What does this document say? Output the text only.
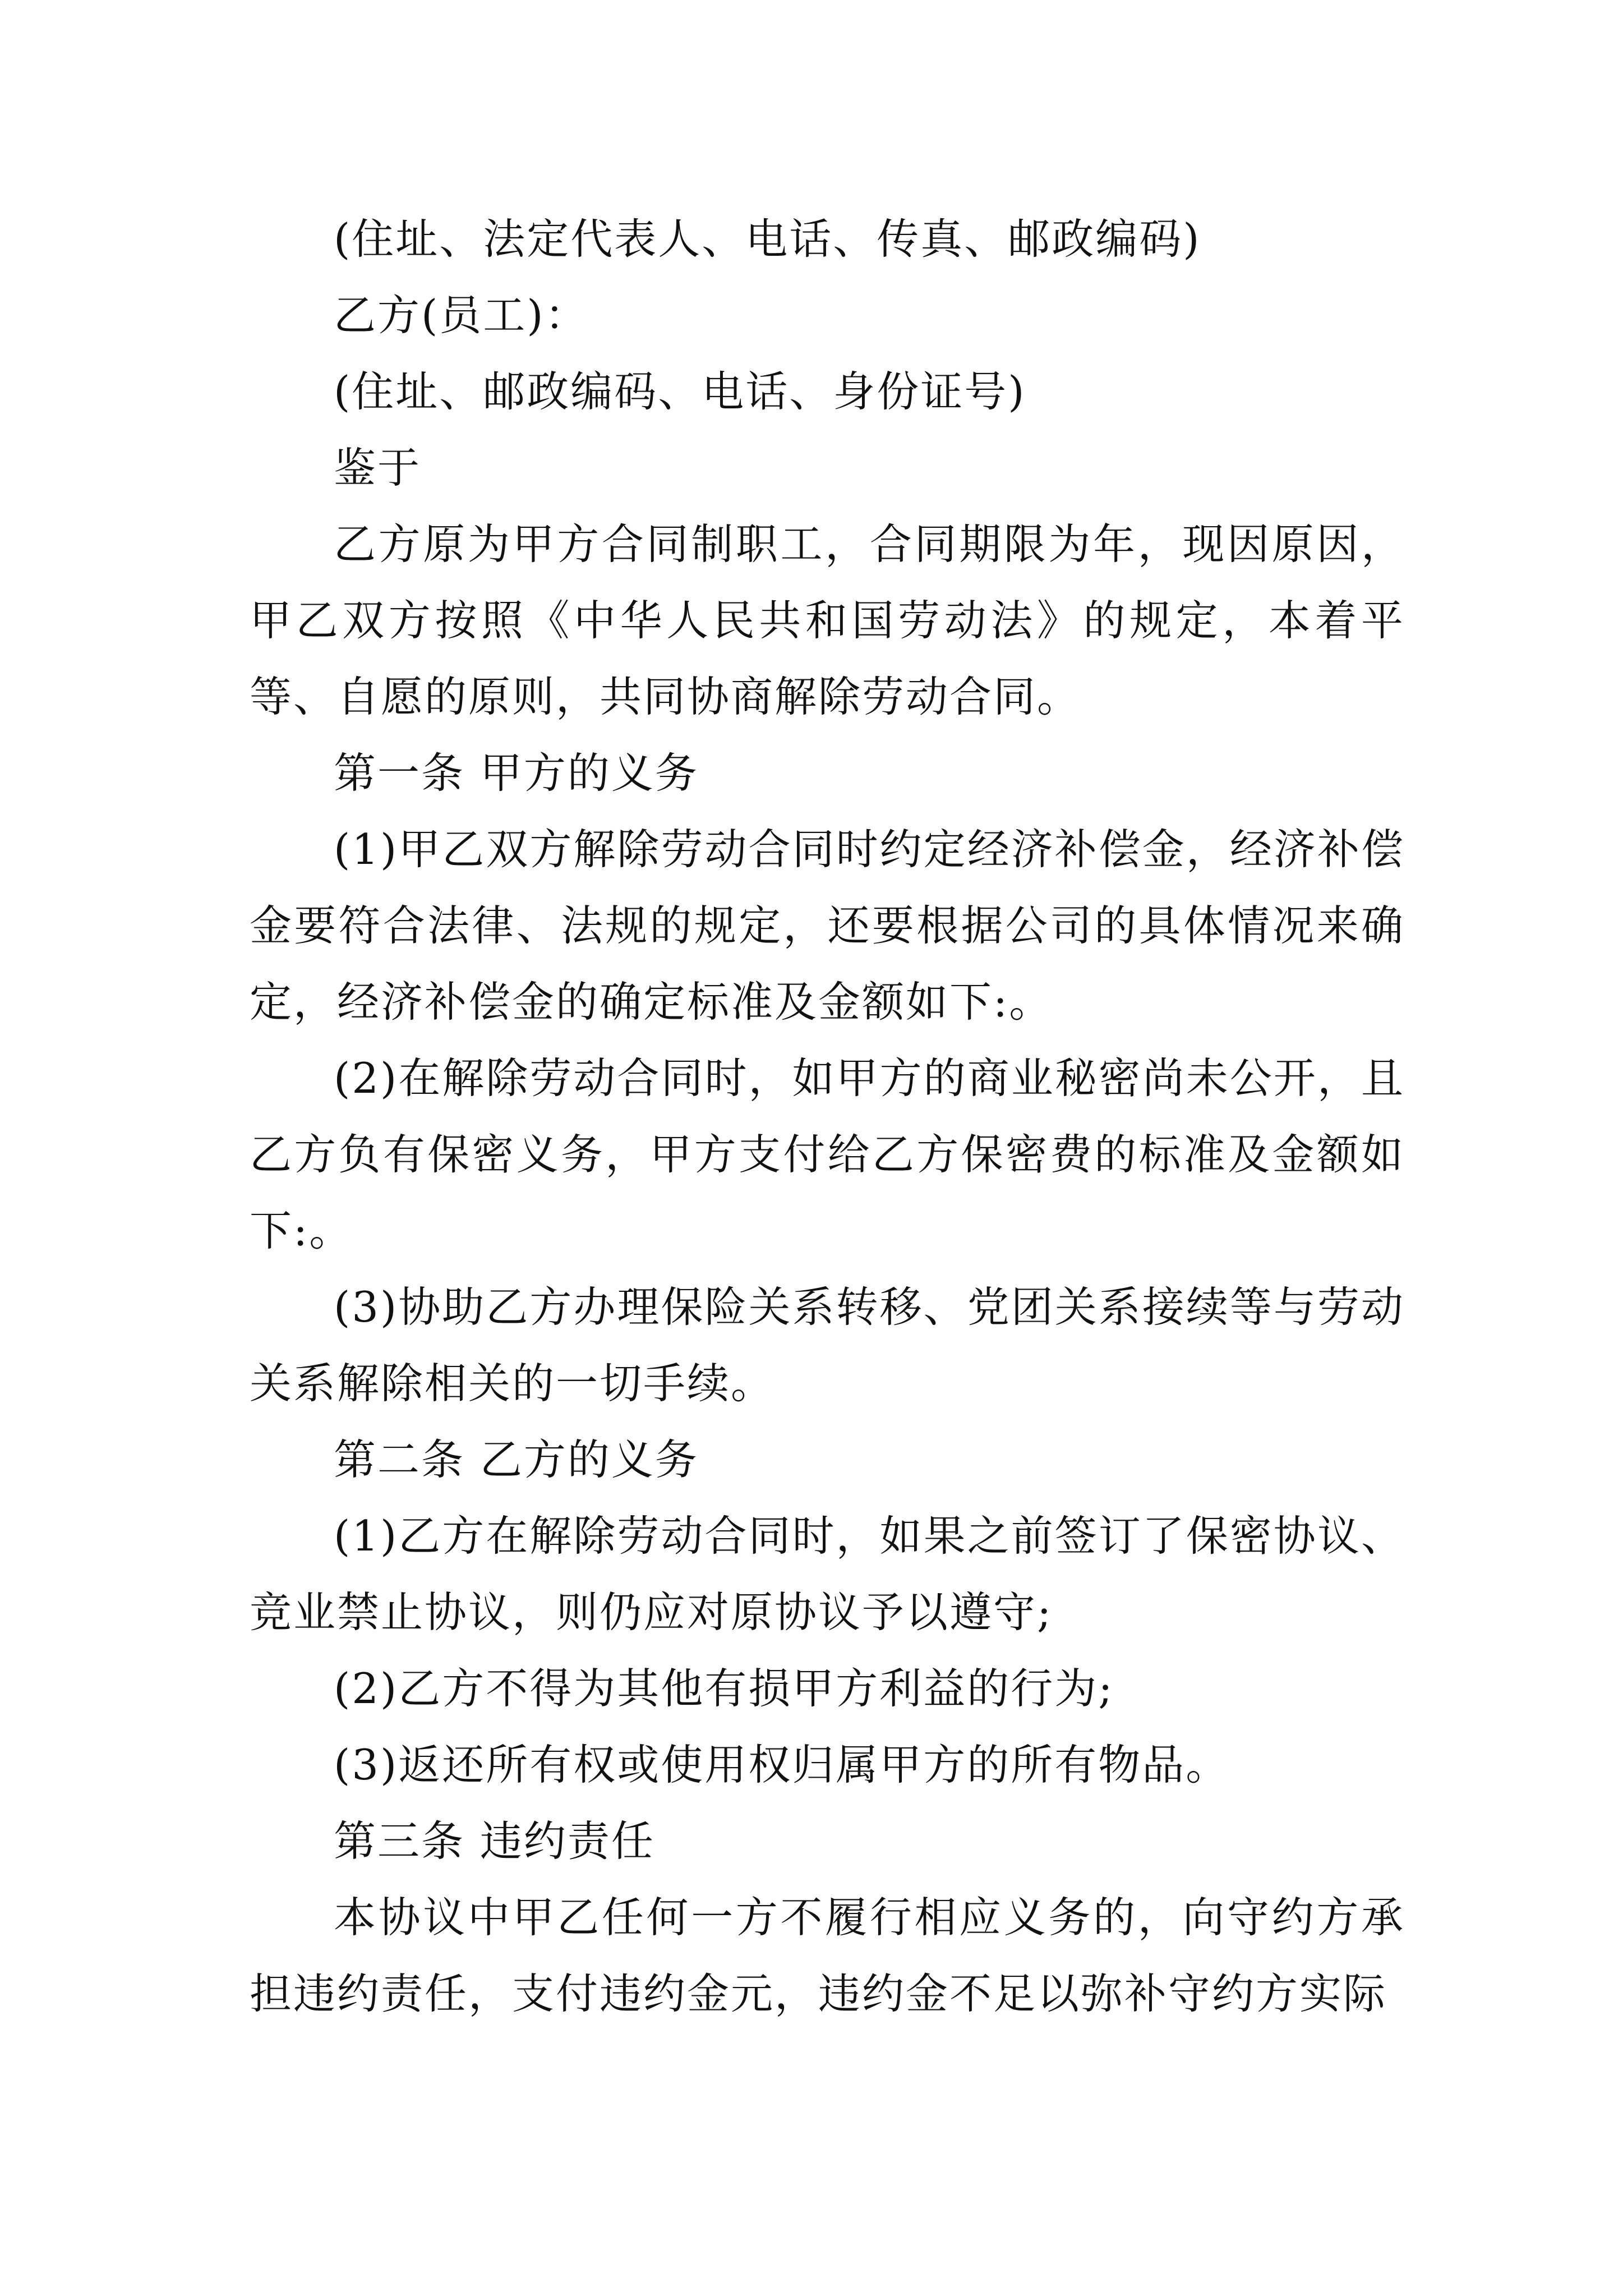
(住址、法定代表人、电话、传真、邮政编码)

乙方(员工)：

(住址、邮政编码、电话、身份证号)

鉴于

乙方原为甲方合同制职工，合同期限为年，现因原因，甲乙双方按照《中华人民共和国劳动法》的规定，本着平等、自愿的原则，共同协商解除劳动合同。

第一条 甲方的义务

(1)甲乙双方解除劳动合同时约定经济补偿金，经济补偿金要符合法律、法规的规定，还要根据公司的具体情况来确定，经济补偿金的确定标准及金额如下:。

(2)在解除劳动合同时，如甲方的商业秘密尚未公开，且乙方负有保密义务，甲方支付给乙方保密费的标准及金额如下:。

(3)协助乙方办理保险关系转移、党团关系接续等与劳动关系解除相关的一切手续。

第二条 乙方的义务

(1)乙方在解除劳动合同时，如果之前签订了保密协议、竞业禁止协议，则仍应对原协议予以遵守;

(2)乙方不得为其他有损甲方利益的行为;

(3)返还所有权或使用权归属甲方的所有物品。

第三条 违约责任

本协议中甲乙任何一方不履行相应义务的，向守约方承担违约责任，支付违约金元，违约金不足以弥补守约方实际
